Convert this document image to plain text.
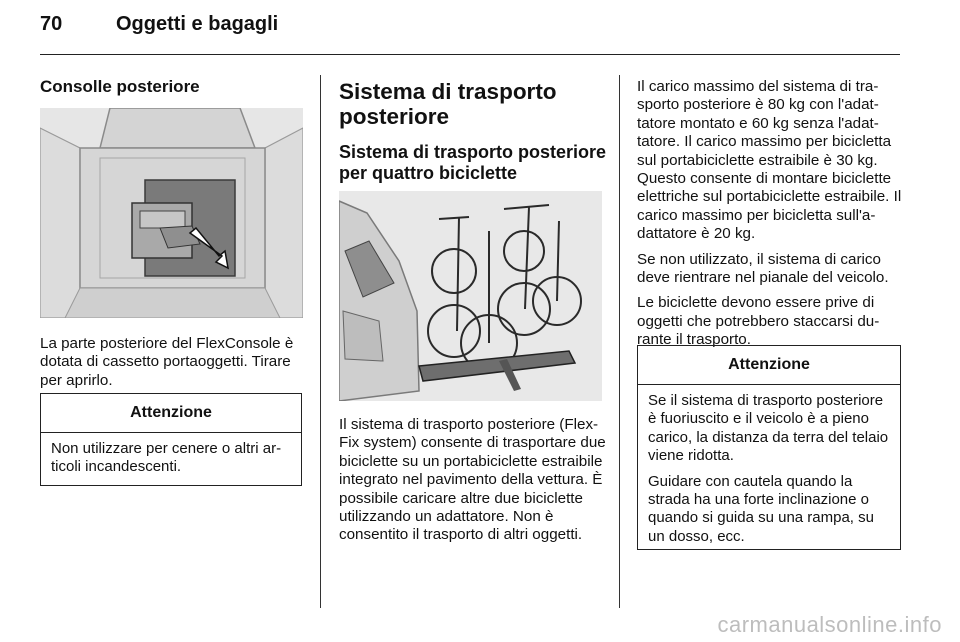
70	Oggetti e bagagli
Consolle posteriore

La parte posteriore del FlexConsole è dotata di cassetto portaoggetti. Tirare per aprirlo.

Attenzione

Non utilizzare per cenere o altri articoli incandescenti.

Sistema di trasporto posteriore
Sistema di trasporto posteriore per quattro biciclette

Il sistema di trasporto posteriore (Flex-Fix system) consente di trasportare due biciclette su un portabiciclette estraibile integrato nel pavimento della vettura. È possibile caricare altre due biciclette utilizzando un adattatore. Non è consentito il trasporto di altri oggetti.

Il carico massimo del sistema di trasporto posteriore è 80 kg con l'adattatore montato e 60 kg senza l'adattatore. Il carico massimo per bicicletta sul portabiciclette estraibile è 30 kg. Questo consente di montare biciclette elettriche sul portabiciclette estraibile. Il carico massimo per bicicletta sull'adattatore è 20 kg.

Se non utilizzato, il sistema di carico deve rientrare nel pianale del veicolo.

Le biciclette devono essere prive di oggetti che potrebbero staccarsi durante il trasporto.

Attenzione

Se il sistema di trasporto posteriore è fuoriuscito e il veicolo è a pieno carico, la distanza da terra del telaio viene ridotta.

Guidare con cautela quando la strada ha una forte inclinazione o quando si guida su una rampa, su un dosso, ecc.

carmanualsonline.info
